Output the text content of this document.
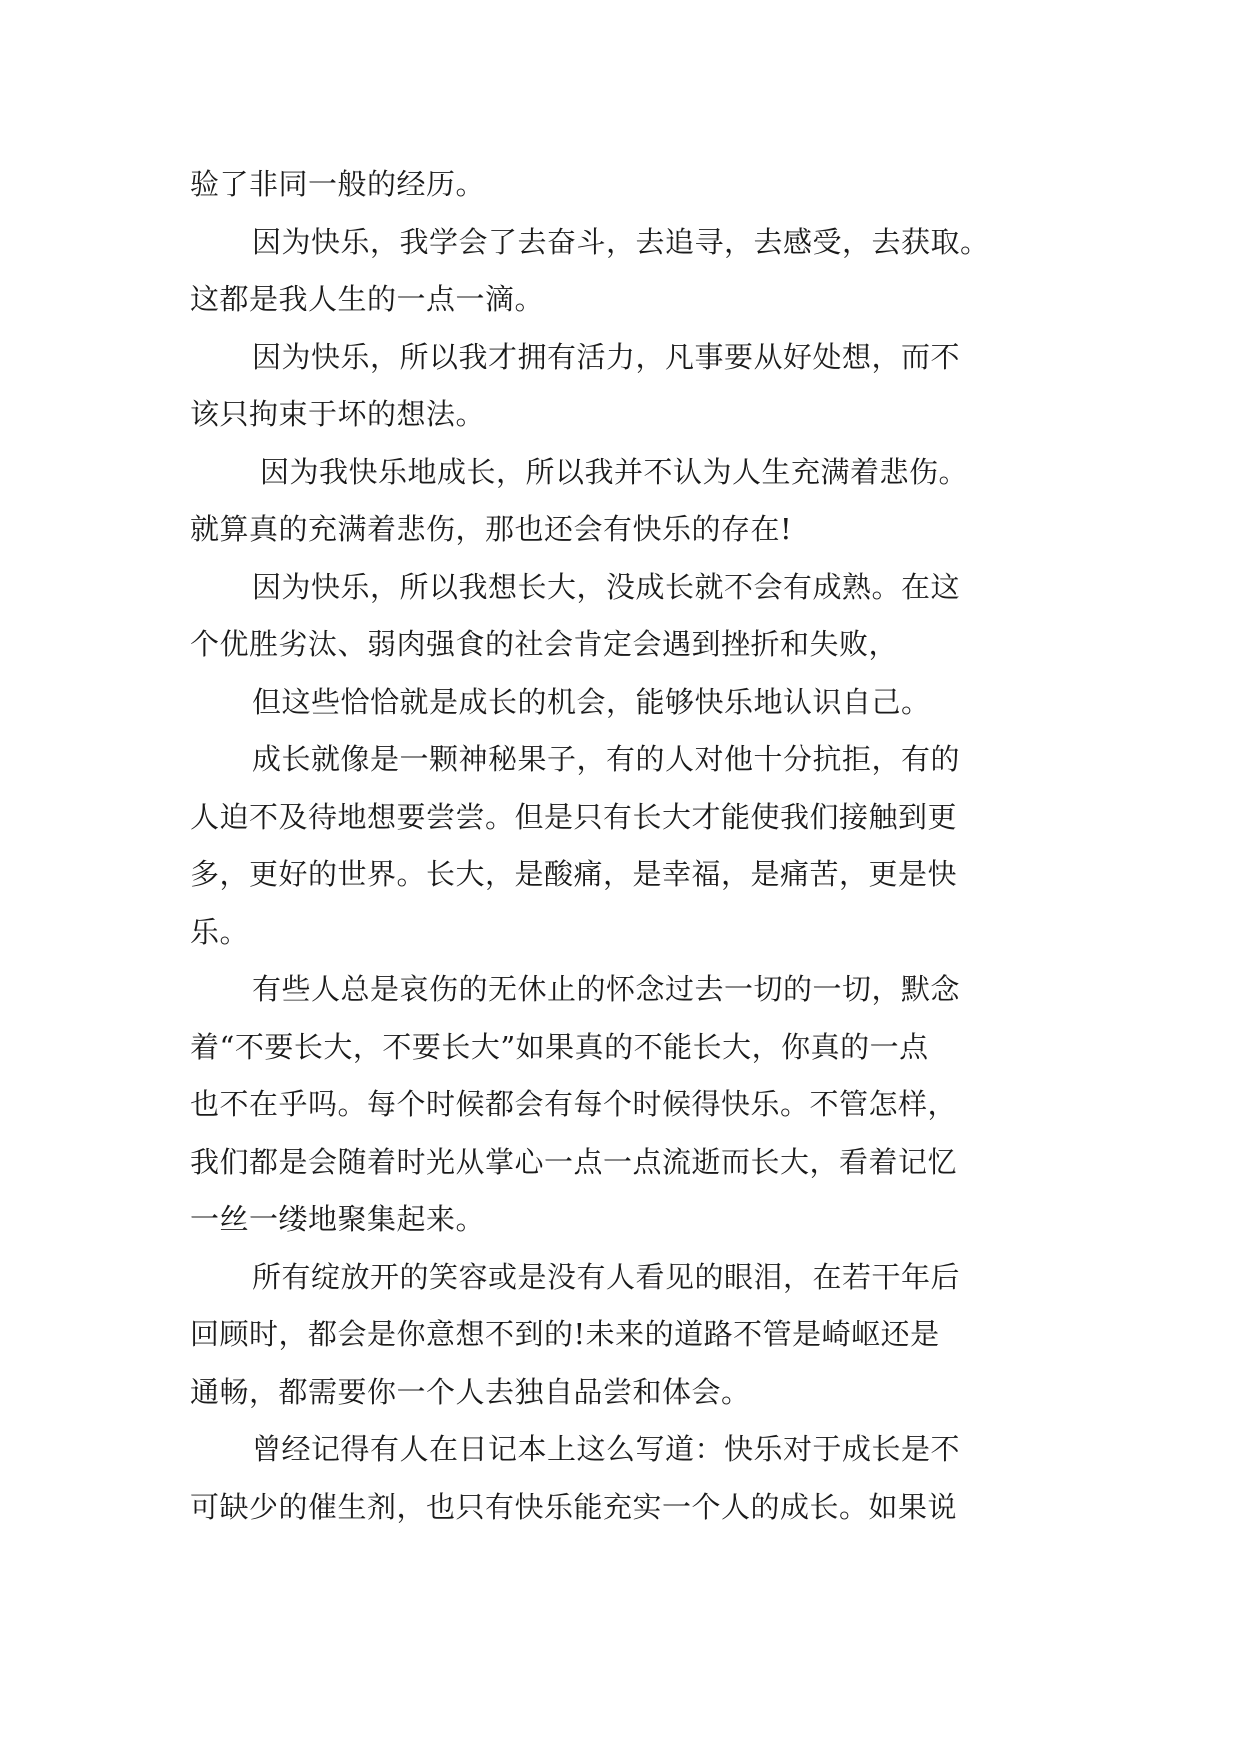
验了非同一般的经历。
因为快乐，我学会了去奋斗，去追寻，去感受，去获取。
这都是我人生的一点一滴。
因为快乐，所以我才拥有活力，凡事要从好处想，而不
该只拘束于坏的想法。
因为我快乐地成长，所以我并不认为人生充满着悲伤。
就算真的充满着悲伤，那也还会有快乐的存在!
因为快乐，所以我想长大，没成长就不会有成熟。在这
个优胜劣汰、弱肉强食的社会肯定会遇到挫折和失败，
但这些恰恰就是成长的机会，能够快乐地认识自己。
成长就像是一颗神秘果子，有的人对他十分抗拒，有的
人迫不及待地想要尝尝。但是只有长大才能使我们接触到更
多，更好的世界。长大，是酸痛，是幸福，是痛苦，更是快
乐。
有些人总是哀伤的无休止的怀念过去一切的一切，默念
着“不要长大，不要长大”如果真的不能长大，你真的一点
也不在乎吗。每个时候都会有每个时候得快乐。不管怎样，
我们都是会随着时光从掌心一点一点流逝而长大，看着记忆
一丝一缕地聚集起来。
所有绽放开的笑容或是没有人看见的眼泪，在若干年后
回顾时，都会是你意想不到的!未来的道路不管是崎岖还是
通畅，都需要你一个人去独自品尝和体会。
曾经记得有人在日记本上这么写道：快乐对于成长是不
可缺少的催生剂，也只有快乐能充实一个人的成长。如果说
